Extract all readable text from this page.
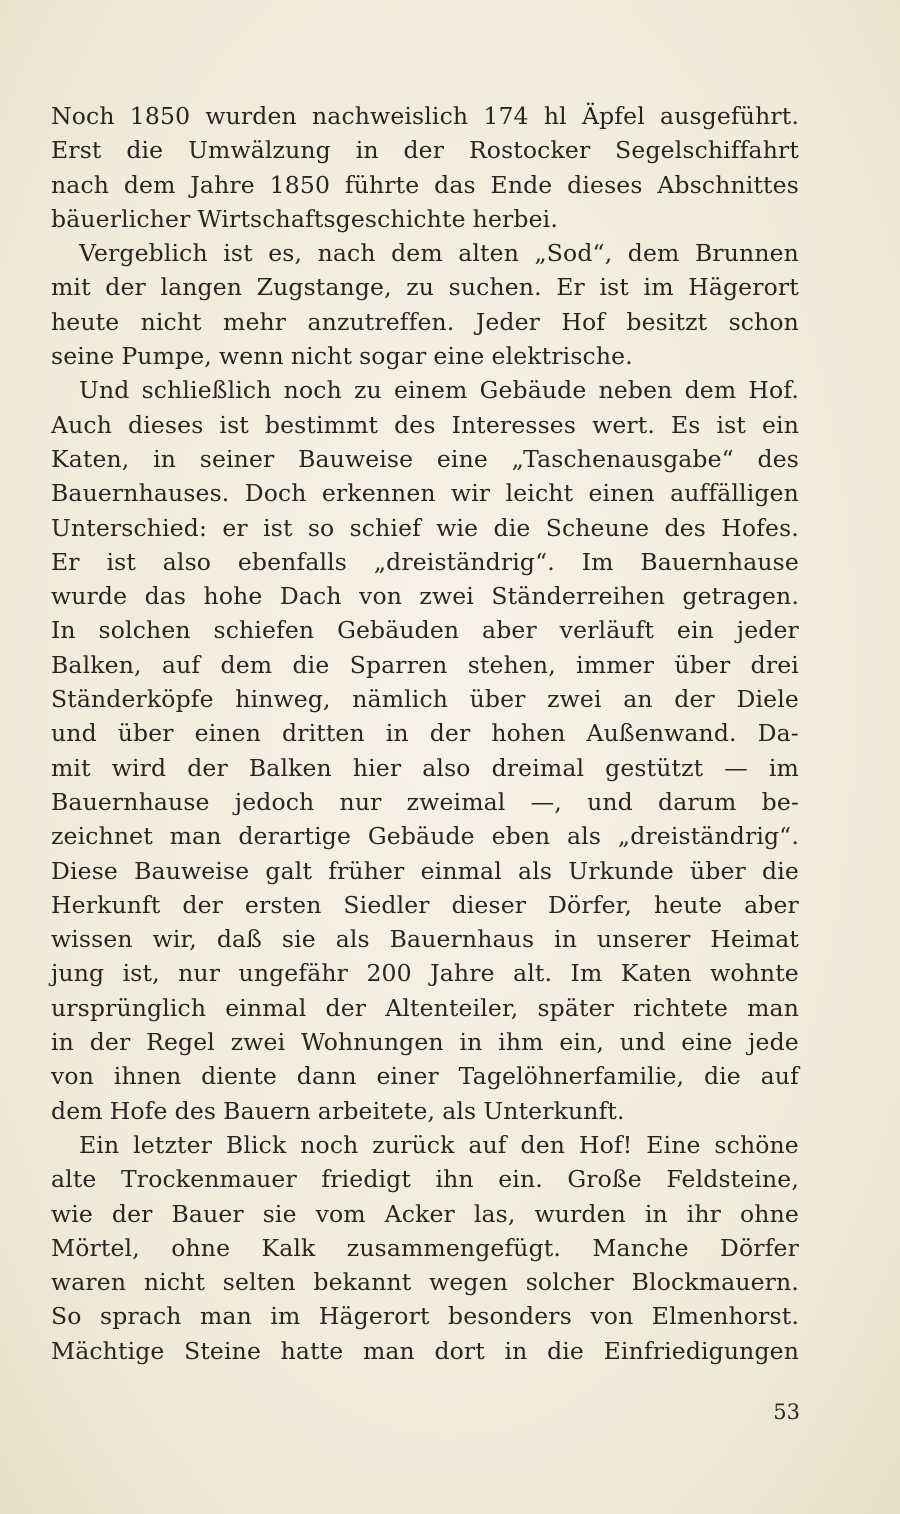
Noch 1850 wurden nachweislich 174 hl Äpfel ausgeführt.
Erst die Umwälzung in der Rostocker Segelschiffahrt
nach dem Jahre 1850 führte das Ende dieses Abschnittes
bäuerlicher Wirtschaftsgeschichte herbei.
Vergeblich ist es, nach dem alten „Sod“, dem Brunnen
mit der langen Zugstange, zu suchen. Er ist im Hägerort
heute nicht mehr anzutreffen. Jeder Hof besitzt schon
seine Pumpe, wenn nicht sogar eine elektrische.
Und schließlich noch zu einem Gebäude neben dem Hof.
Auch dieses ist bestimmt des Interesses wert. Es ist ein
Katen, in seiner Bauweise eine „Taschenausgabe“ des
Bauernhauses. Doch erkennen wir leicht einen auffälligen
Unterschied: er ist so schief wie die Scheune des Hofes.
Er ist also ebenfalls „dreiständrig“. Im Bauernhause
wurde das hohe Dach von zwei Ständerreihen getragen.
In solchen schiefen Gebäuden aber verläuft ein jeder
Balken, auf dem die Sparren stehen, immer über drei
Ständerköpfe hinweg, nämlich über zwei an der Diele
und über einen dritten in der hohen Außenwand. Da-
mit wird der Balken hier also dreimal gestützt — im
Bauernhause jedoch nur zweimal —, und darum be-
zeichnet man derartige Gebäude eben als „dreiständrig“.
Diese Bauweise galt früher einmal als Urkunde über die
Herkunft der ersten Siedler dieser Dörfer, heute aber
wissen wir, daß sie als Bauernhaus in unserer Heimat
jung ist, nur ungefähr 200 Jahre alt. Im Katen wohnte
ursprünglich einmal der Altenteiler, später richtete man
in der Regel zwei Wohnungen in ihm ein, und eine jede
von ihnen diente dann einer Tagelöhnerfamilie, die auf
dem Hofe des Bauern arbeitete, als Unterkunft.
Ein letzter Blick noch zurück auf den Hof! Eine schöne
alte Trockenmauer friedigt ihn ein. Große Feldsteine,
wie der Bauer sie vom Acker las, wurden in ihr ohne
Mörtel, ohne Kalk zusammengefügt. Manche Dörfer
waren nicht selten bekannt wegen solcher Blockmauern.
So sprach man im Hägerort besonders von Elmenhorst.
Mächtige Steine hatte man dort in die Einfriedigungen
53
